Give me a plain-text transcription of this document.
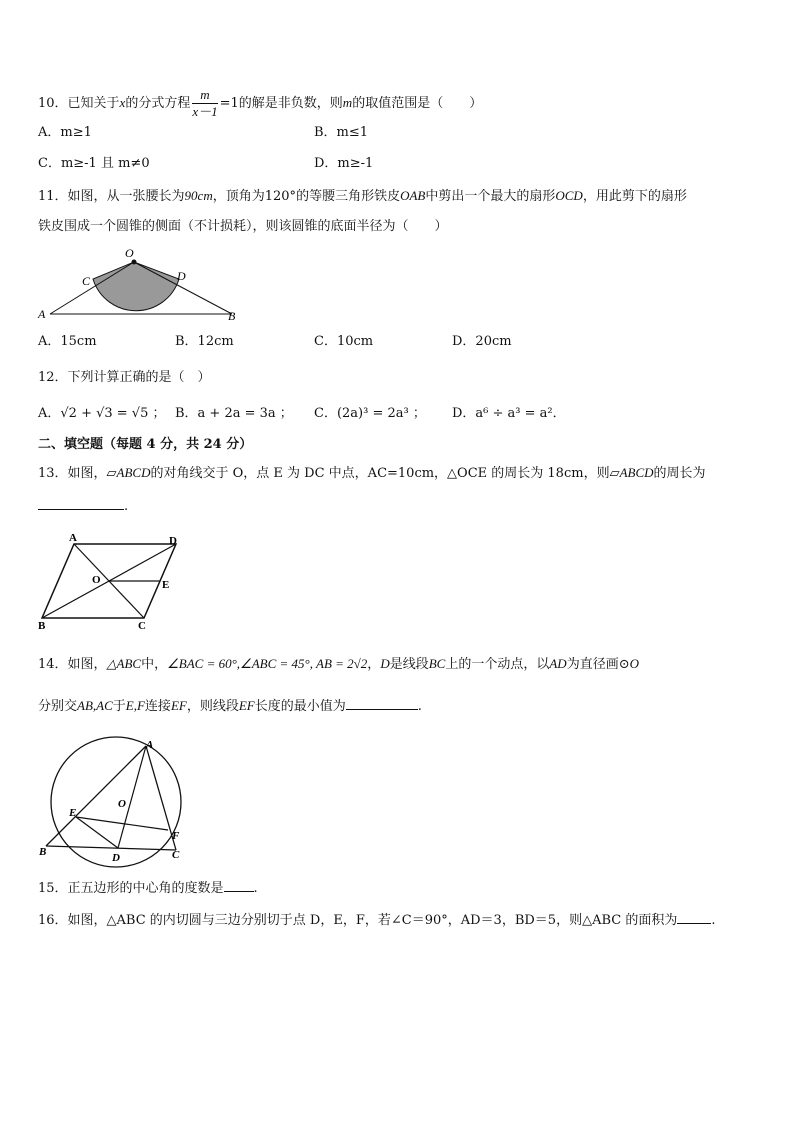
10．已知关于x的分式方程 $\frac{m}{x-1} =1$的解是非负数，则m的取值范围是（　　）
A．m≥1	B．m≤1
C．m≥-1 且 m≠0	D．m≥-1
11．如图，从一张腰长为90cm，顶角为120°的等腰三角形铁皮OAB中剪出一个最大的扇形OCD，用此剪下的扇形
铁皮围成一个圆锥的侧面（不计损耗），则该圆锥的底面半径为（　　）
O
C	D
A	B
A．15cm	B．12cm	C．10cm	D．20cm
12．下列计算正确的是（　）
A．√2 + √3 = √5 ； B．a + 2a = 3a ； C．(2a)³ = 2a³ ； D．a⁶ ÷ a³ = a²．
二、填空题（每题 4 分，共 24 分）
13．如图，▱ABCD的对角线交于 O，点 E 为 DC 中点，AC=10cm，△OCE 的周长为 18cm，则▱ABCD的周长为
.
A	D
O	E
B	C
14．如图，△ABC中，∠BAC = 60°,∠ABC = 45°, AB = 2√2，D是线段BC上的一个动点，以AD为直径画⊙O
分别交AB,AC于E,F连接EF，则线段EF长度的最小值为	.
A
O
E
F
B	D	C
15．正五边形的中心角的度数是 .
16．如图，△ABC 的内切圆与三边分别切于点 D，E，F，若∠C＝90°，AD＝3，BD＝5，则△ABC 的面积为	.
